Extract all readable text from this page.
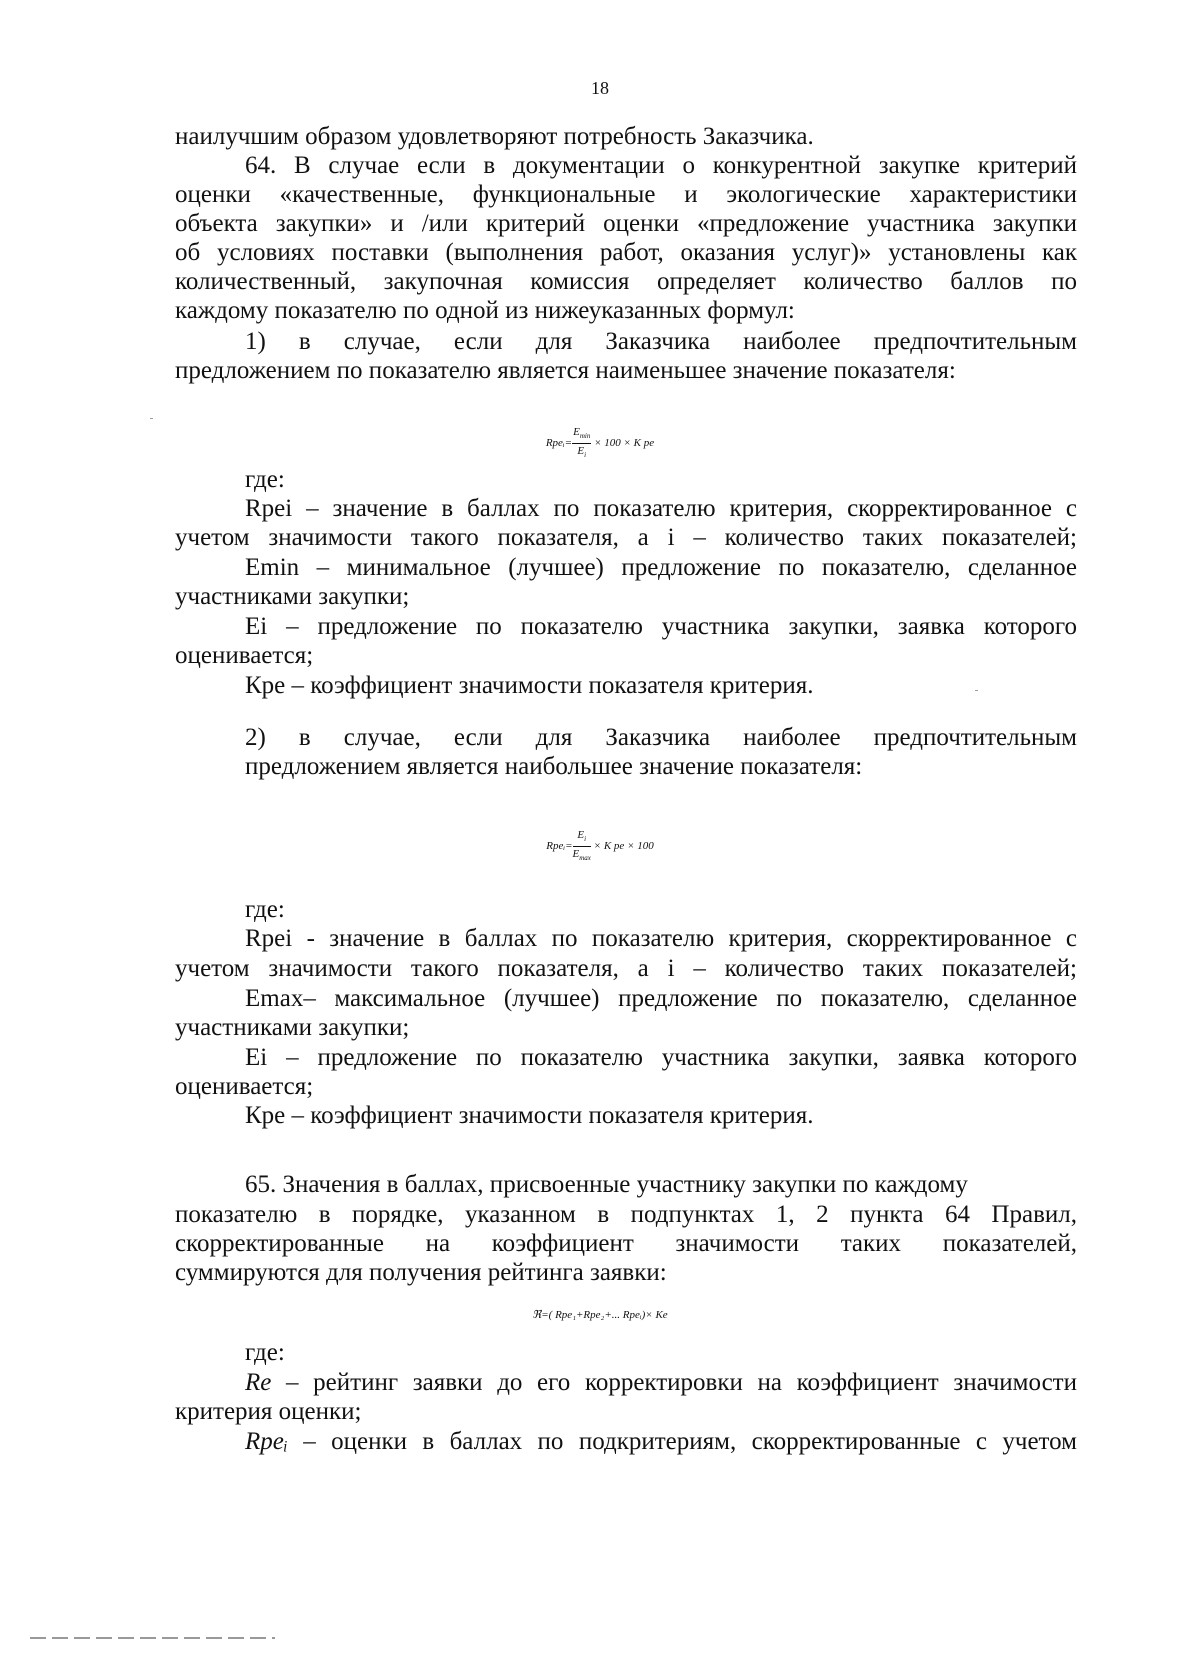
18
наилучшим образом удовлетворяют потребность Заказчика.
64. В случае если в документации о конкурентной закупке критерий
оценки «качественные, функциональные и экологические характеристики
объекта закупки» и /или критерий оценки «предложение участника закупки
об условиях поставки (выполнения работ, оказания услуг)» установлены как
количественный, закупочная комиссия определяет количество баллов по
каждому показателю по одной из нижеуказанных формул:
1) в случае, если для Заказчика наиболее предпочтительным
предложением по показателю является наименьшее значение показателя:
Rpeᵢ= $\frac{E_{min}}{E_i} \times 100 \times K$ pe
где:
Rpei – значение в баллах по показателю критерия, скорректированное с
учетом значимости такого показателя, а i – количество таких показателей;
Emin – минимальное (лучшее) предложение по показателю, сделанное
участниками закупки;
Ei – предложение по показателю участника закупки, заявка которого
оценивается;
Кре – коэффициент значимости показателя критерия.
2) в случае, если для Заказчика наиболее предпочтительным
предложением является наибольшее значение показателя:
Rpeᵢ= $\frac{E_i}{E_{max}} \times K$ pe × 100
где:
Rpei - значение в баллах по показателю критерия, скорректированное с
учетом значимости такого показателя, а i – количество таких показателей;
Emax– максимальное (лучшее) предложение по показателю, сделанное
участниками закупки;
Ei – предложение по показателю участника закупки, заявка которого
оценивается;
Кре – коэффициент значимости показателя критерия.
65. Значения в баллах, присвоенные участнику закупки по каждому
показателю в порядке, указанном в подпунктах 1, 2 пункта 64 Правил,
скорректированные на коэффициент значимости таких показателей,
суммируются для получения рейтинга заявки:
ℜ=( Rpe₁+Rpe₂+... Rpeᵢ)× Ke
где:
Re – рейтинг заявки до его корректировки на коэффициент значимости
критерия оценки;
Rpeᵢ – оценки в баллах по подкритериям, скорректированные с учетом
